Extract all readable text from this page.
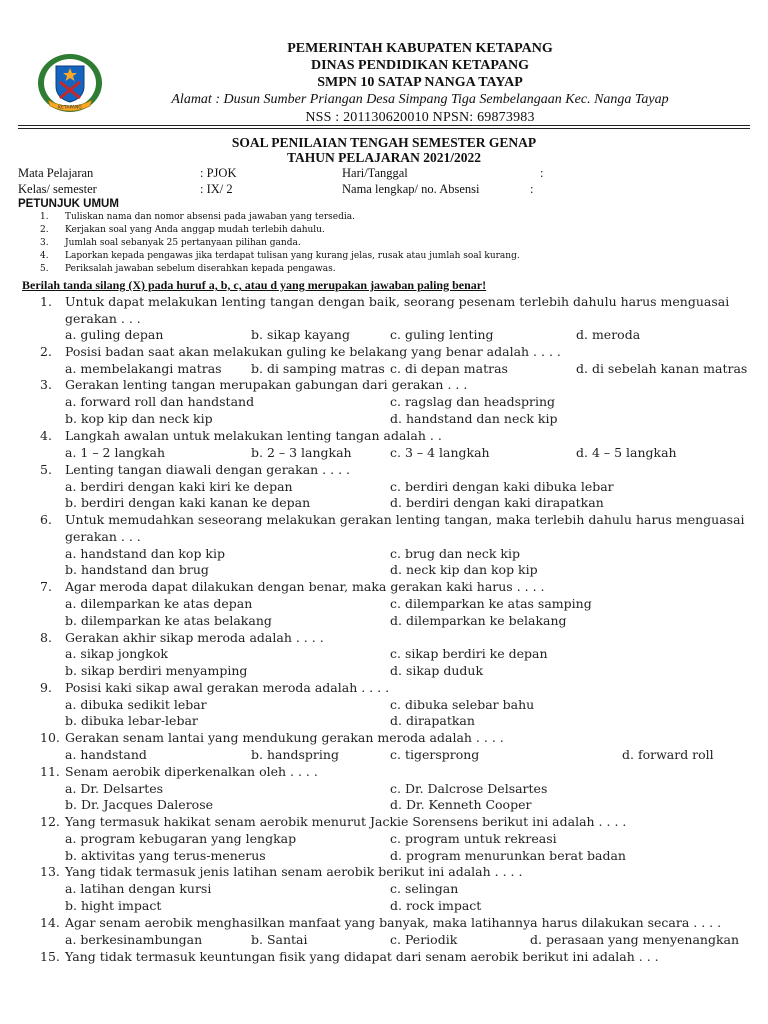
KETAPANG
PEMERINTAH KABUPATEN KETAPANG
DINAS PENDIDIKAN KETAPANG
SMPN 10 SATAP NANGA TAYAP
Alamat : Dusun Sumber Priangan Desa Simpang Tiga Sembelangaan Kec. Nanga Tayap
NSS : 201130620010 NPSN: 69873983
SOAL PENILAIAN TENGAH SEMESTER GENAP
TAHUN PELAJARAN 2021/2022
Mata Pelajaran	: PJOK	Hari/Tanggal	:
Kelas/ semester	: IX/ 2	Nama lengkap/ no. Absensi	:
PETUNJUK UMUM
1. Tuliskan nama dan nomor absensi pada jawaban yang tersedia.
2. Kerjakan soal yang Anda anggap mudah terlebih dahulu.
3. Jumlah soal sebanyak 25 pertanyaan pilihan ganda.
4. Laporkan kepada pengawas jika terdapat tulisan yang kurang jelas, rusak atau jumlah soal kurang.
5. Periksalah jawaban sebelum diserahkan kepada pengawas.
Berilah tanda silang (X) pada huruf a, b, c, atau d yang merupakan jawaban paling benar!
1. Untuk dapat melakukan lenting tangan dengan baik, seorang pesenam terlebih dahulu harus menguasai
gerakan . . .
a. guling depan	b. sikap kayang	c. guling lenting	d. meroda
2. Posisi badan saat akan melakukan guling ke belakang yang benar adalah . . . .
a. membelakangi matras b. di samping matras c. di depan matras	d. di sebelah kanan matras
3. Gerakan lenting tangan merupakan gabungan dari gerakan . . .
a. forward roll dan handstand	c. ragslag dan headspring
b. kop kip dan neck kip	d. handstand dan neck kip
4. Langkah awalan untuk melakukan lenting tangan adalah . .
a. 1 – 2 langkah	b. 2 – 3 langkah	c. 3 – 4 langkah	d. 4 – 5 langkah
5. Lenting tangan diawali dengan gerakan . . . .
a. berdiri dengan kaki kiri ke depan	c. berdiri dengan kaki dibuka lebar
b. berdiri dengan kaki kanan ke depan	d. berdiri dengan kaki dirapatkan
6. Untuk memudahkan seseorang melakukan gerakan lenting tangan, maka terlebih dahulu harus menguasai
gerakan . . .
a. handstand dan kop kip	c. brug dan neck kip
b. handstand dan brug	d. neck kip dan kop kip
7. Agar meroda dapat dilakukan dengan benar, maka gerakan kaki harus . . . .
a. dilemparkan ke atas depan	c. dilemparkan ke atas samping
b. dilemparkan ke atas belakang	d. dilemparkan ke belakang
8. Gerakan akhir sikap meroda adalah . . . .
a. sikap jongkok	c. sikap berdiri ke depan
b. sikap berdiri menyamping	d. sikap duduk
9. Posisi kaki sikap awal gerakan meroda adalah . . . .
a. dibuka sedikit lebar	c. dibuka selebar bahu
b. dibuka lebar-lebar	d. dirapatkan
10. Gerakan senam lantai yang mendukung gerakan meroda adalah . . . .
a. handstand	b. handspring	c. tigersprong	d. forward roll
11. Senam aerobik diperkenalkan oleh . . . .
a. Dr. Delsartes	c. Dr. Dalcrose Delsartes
b. Dr. Jacques Dalerose	d. Dr. Kenneth Cooper
12. Yang termasuk hakikat senam aerobik menurut Jackie Sorensens berikut ini adalah . . . .
a. program kebugaran yang lengkap	c. program untuk rekreasi
b. aktivitas yang terus-menerus	d. program menurunkan berat badan
13. Yang tidak termasuk jenis latihan senam aerobik berikut ini adalah . . . .
a. latihan dengan kursi	c. selingan
b. hight impact	d. rock impact
14. Agar senam aerobik menghasilkan manfaat yang banyak, maka latihannya harus dilakukan secara . . . .
a. berkesinambungan	b. Santai	c. Periodik	d. perasaan yang menyenangkan
15. Yang tidak termasuk keuntungan fisik yang didapat dari senam aerobik berikut ini adalah . . .
